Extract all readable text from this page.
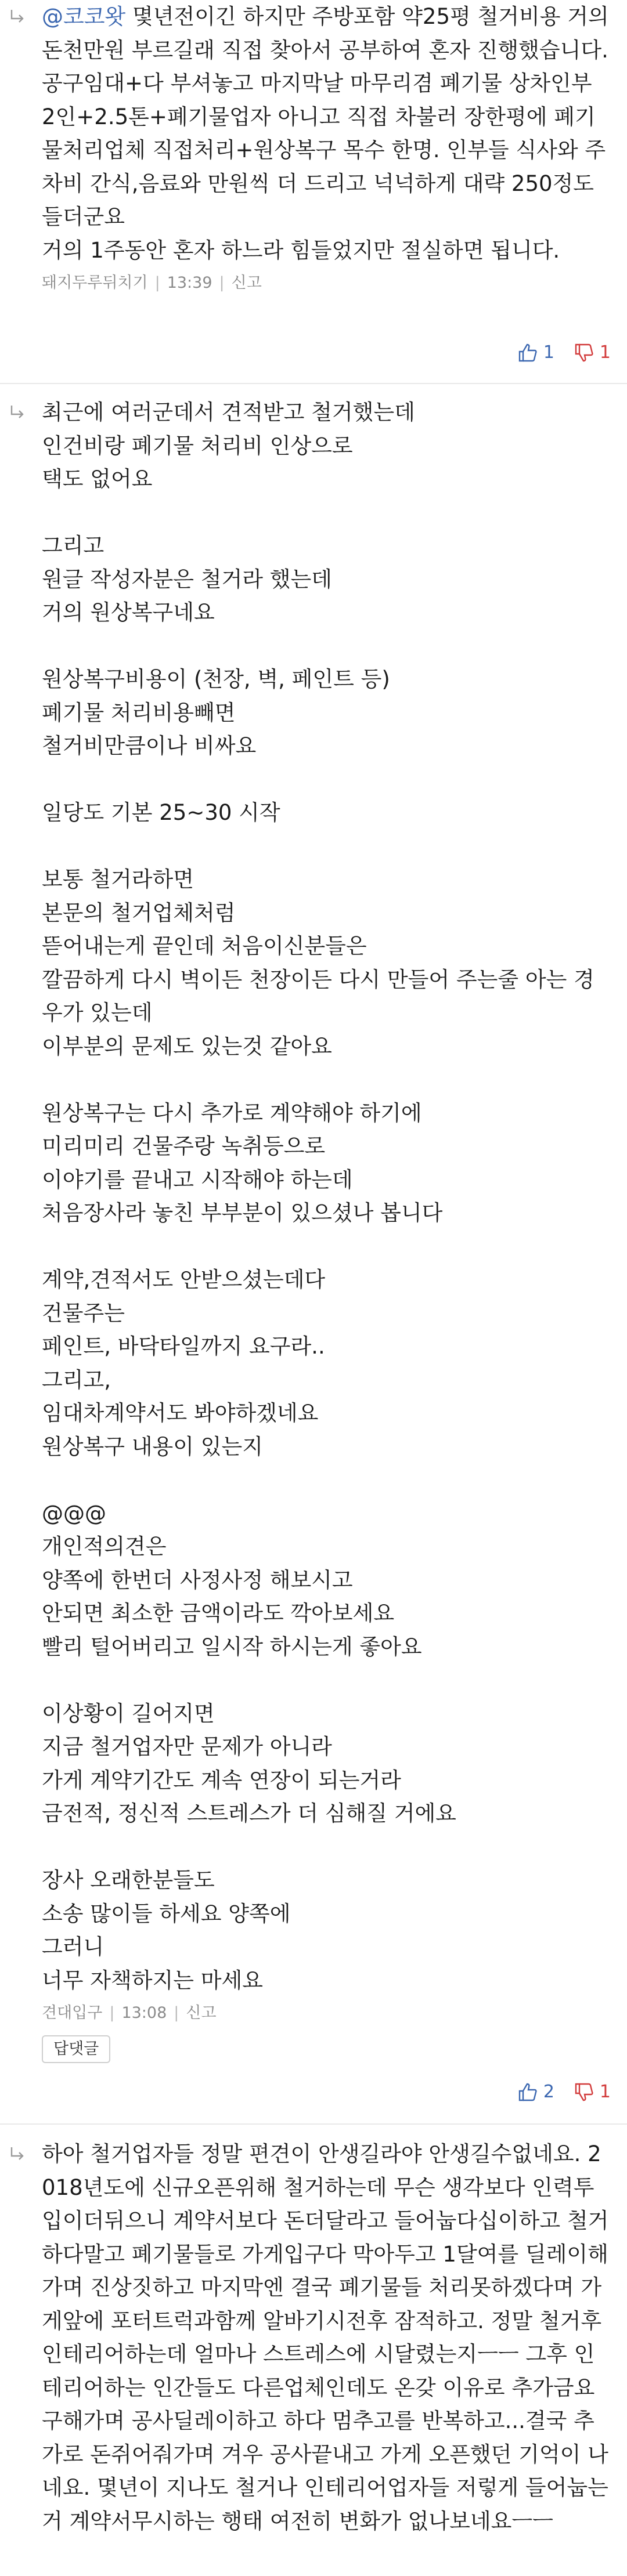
@코코왓 몇년전이긴 하지만 주방포함 약25평 철거비용 거의 돈천만원 부르길래 직접 찾아서 공부하여 혼자 진행했습니다.
공구임대+다 부셔놓고 마지막날 마무리겸 폐기물 상차인부 2인+2.5톤+폐기물업자 아니고 직접 차불러 장한평에 폐기물처리업체 직접처리+원상복구 목수 한명. 인부들 식사와 주차비 간식,음료와 만원씩 더 드리고 넉넉하게 대략 250정도 들더군요
거의 1주동안 혼자 하느라 힘들었지만 절실하면 됩니다.

돼지두루뒤치기 | 13:39 | 신고
1	1

최근에 여러군데서 견적받고 철거했는데
인건비랑 폐기물 처리비 인상으로
택도 없어요

그리고
원글 작성자분은 철거라 했는데
거의 원상복구네요

원상복구비용이 (천장, 벽, 페인트 등)
폐기물 처리비용빼면
철거비만큼이나 비싸요

일당도 기본 25~30 시작

보통 철거라하면
본문의 철거업체처럼
뜯어내는게 끝인데 처음이신분들은
깔끔하게 다시 벽이든 천장이든 다시 만들어 주는줄 아는 경우가 있는데
이부분의 문제도 있는것 같아요

원상복구는 다시 추가로 계약해야 하기에
미리미리 건물주랑 녹취등으로
이야기를 끝내고 시작해야 하는데
처음장사라 놓친 부부분이 있으셨나 봅니다

계약,견적서도 안받으셨는데다
건물주는
페인트, 바닥타일까지 요구라..
그리고,
임대차계약서도 봐야하겠네요
원상복구 내용이 있는지

@@@
개인적의견은
양쪽에 한번더 사정사정 해보시고
안되면 최소한 금액이라도 깍아보세요
빨리 털어버리고 일시작 하시는게 좋아요

이상황이 길어지면
지금 철거업자만 문제가 아니라
가게 계약기간도 계속 연장이 되는거라
금전적, 정신적 스트레스가 더 심해질 거에요

장사 오래한분들도
소송 많이들 하세요 양쪽에
그러니
너무 자책하지는 마세요

견대입구 | 13:08 | 신고
답댓글
2	1

하아 철거업자들 정말 편견이 안생길라야 안생길수없네요. 2018년도에 신규오픈위해 철거하는데 무슨 생각보다 인력투입이더뒤으니 계약서보다 돈더달라고 들어눕다십이하고 철거하다말고 폐기물들로 가게입구다 막아두고 1달여를 딜레이해가며 진상짓하고 마지막엔 결국 폐기물들 처리못하겠다며 가게앞에 포터트럭과함께 알바기시전후 잠적하고. 정말 철거후 인테리어하는데 얼마나 스트레스에 시달렸는지ㅡㅡ 그후 인테리어하는 인간들도 다른업체인데도 온갖 이유로 추가금요구해가며 공사딜레이하고 하다 멈추고를 반복하고...결국 추가로 돈쥐어줘가며 겨우 공사끝내고 가게 오픈했던 기억이 나네요. 몇년이 지나도 철거나 인테리어업자들 저렇게 들어눕는거 계약서무시하는 행태 여전히 변화가 없나보네요ㅡㅡ
